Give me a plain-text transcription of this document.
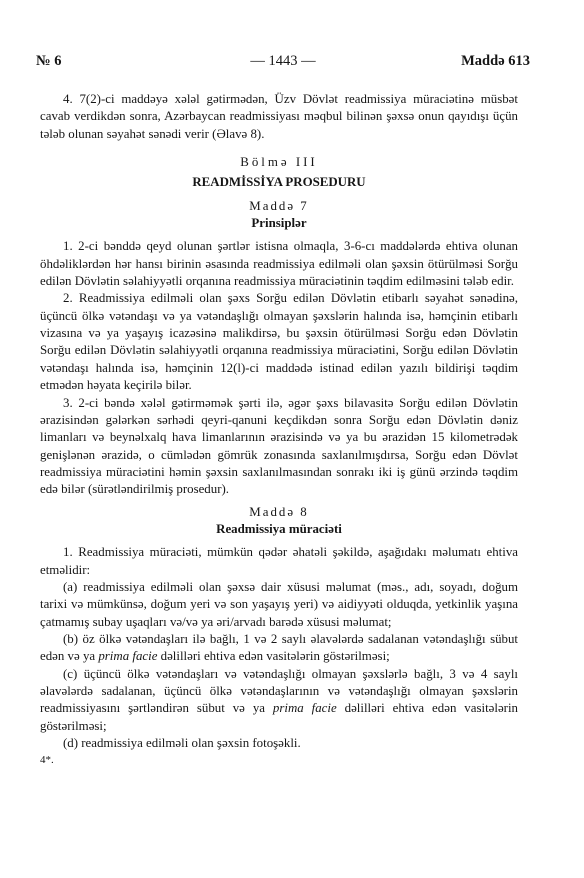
№ 6	— 1443 —	Maddə 613

4. 7(2)-ci maddəyə xələl gətirmədən, Üzv Dövlət readmissiya müraciətinə müsbət cavab verdikdən sonra, Azərbaycan readmissiyası məqbul bilinən şəxsə onun qayıdışı üçün tələb olunan səyahət sənədi verir (Əlavə 8).

Bölmə III

READMİSSİYA PROSEDURU

Maddə 7

Prinsiplər

1. 2-ci bənddə qeyd olunan şərtlər istisna olmaqla, 3-6-cı maddələrdə ehtiva olunan öhdəliklərdən hər hansı birinin əsasında readmissiya edilməli olan şəxsin ötürülməsi Sorğu edilən Dövlətin səlahiyyətli orqanına readmissiya müraciətinin təqdim edilməsini tələb edir.

2. Readmissiya edilməli olan şəxs Sorğu edilən Dövlətin etibarlı səyahət sənədinə, üçüncü ölkə vətəndaşı və ya vətəndaşlığı olmayan şəxslərin halında isə, həmçinin etibarlı vizasına və ya yaşayış icazəsinə malikdirsə, bu şəxsin ötürülməsi Sorğu edən Dövlətin Sorğu edilən Dövlətin səlahiyyətli orqanına readmissiya müraciətini, Sorğu edilən Dövlətin vətəndaşı halında isə, həmçinin 12(l)-ci maddədə istinad edilən yazılı bildirişi təqdim etmədən həyata keçirilə bilər.

3. 2-ci bəndə xələl gətirməmək şərti ilə, əgər şəxs bilavasitə Sorğu edilən Dövlətin ərazisindən gələrkən sərhədi qeyri-qanuni keçdikdən sonra Sorğu edən Dövlətin dəniz limanları və beynəlxalq hava limanlarının ərazisində və ya bu ərazidən 15 kilometrədək genişlənən ərazidə, o cümlədən gömrük zonasında saxlanılmışdırsa, Sorğu edən Dövlət readmissiya müraciətini həmin şəxsin saxlanılmasından sonrakı iki iş günü ərzində təqdim edə bilər (sürətləndirilmiş prosedur).

Maddə 8

Readmissiya müraciəti

1. Readmissiya müraciəti, mümkün qədər əhatəli şəkildə, aşağıdakı məlumatı ehtiva etməlidir:

(a) readmissiya edilməli olan şəxsə dair xüsusi məlumat (məs., adı, soyadı, doğum tarixi və mümkünsə, doğum yeri və son yaşayış yeri) və aidiyyəti olduqda, yetkinlik yaşına çatmamış subay uşaqları və/və ya əri/arvadı barədə xüsusi məlumat;

(b) öz ölkə vətəndaşları ilə bağlı, 1 və 2 saylı əlavələrdə sadalanan vətəndaşlığı sübut edən və ya prima facie dəlilləri ehtiva edən vasitələrin göstərilməsi;

(c) üçüncü ölkə vətəndaşları və vətəndaşlığı olmayan şəxslərlə bağlı, 3 və 4 saylı əlavələrdə sadalanan, üçüncü ölkə vətəndaşlarının və vətəndaşlığı olmayan şəxslərin readmissiyasını şərtləndirən sübut və ya prima facie dəlilləri ehtiva edən vasitələrin göstərilməsi;

(d) readmissiya edilməli olan şəxsin fotoşəkli.

4*.
